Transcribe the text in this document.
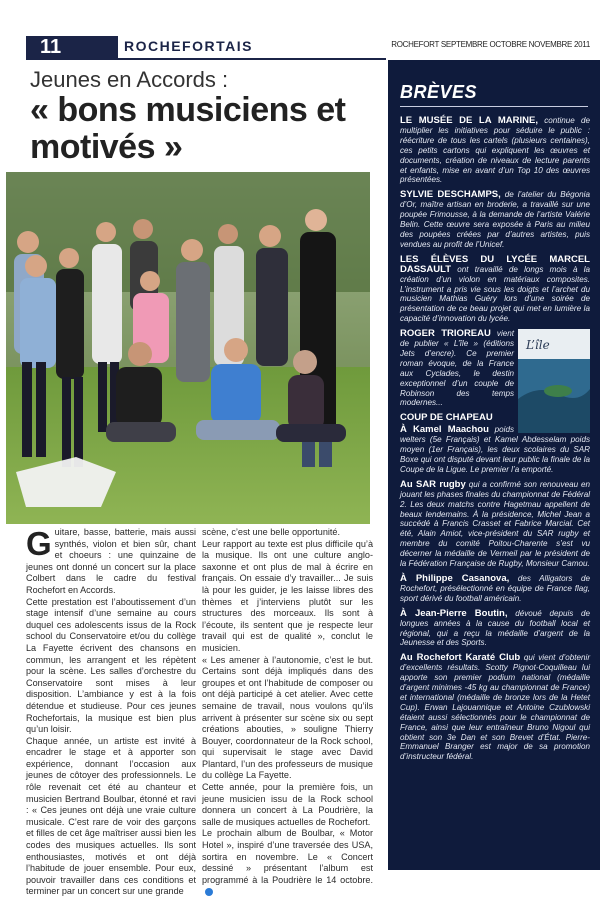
11	ROCHEFORTAIS	ROCHEFORT SEPTEMBRE OCTOBRE NOVEMBRE 2011
Jeunes en Accords :
« bons musiciens et motivés »

Guitare, basse, batterie, mais aussi synthés, violon et bien sûr, chant et choeurs : une quinzaine de jeunes ont donné un concert sur la place Colbert dans le cadre du festival Rochefort en Accords.

Cette prestation est l’aboutissement d’un stage intensif d’une semaine au cours duquel ces adolescents issus de la Rock school du Conservatoire et/ou du collège La Fayette écrivent des chansons en commun, les arrangent et les répètent pour la scène. Les salles d’orchestre du Conservatoire sont mises à leur disposition. L’ambiance y est à la fois détendue et studieuse. Pour ces jeunes Rochefortais, la musique est bien plus qu’un loisir.

Chaque année, un artiste est invité à encadrer le stage et à apporter son expérience, donnant l’occasion aux jeunes de côtoyer des professionnels. Le rôle revenait cet été au chanteur et musicien Bertrand Boulbar, étonné et ravi : « Ces jeunes ont déjà une vraie culture musicale. C’est rare de voir des garçons et filles de cet âge maîtriser aussi bien les codes des musiques actuelles. Ils sont enthousiastes, motivés et ont déjà l’habitude de jouer ensemble. Pour eux, pouvoir travailler dans ces conditions et terminer par un concert sur une grande

scène, c’est une belle opportunité.

Leur rapport au texte est plus difficile qu’à la musique. Ils ont une culture anglo-saxonne et ont plus de mal à écrire en français. On essaie d’y travailler... Je suis là pour les guider, je les laisse libres des thèmes et j’interviens plutôt sur les structures des morceaux. Ils sont à l’écoute, ils sentent que je respecte leur travail qui est de qualité », conclut le musicien.

« Les amener à l’autonomie, c’est le but. Certains sont déjà impliqués dans des groupes et ont l’habitude de composer ou ont déjà participé à cet atelier. Avec cette semaine de travail, nous voulons qu’ils arrivent à présenter sur scène six ou sept créations abouties, » souligne Thierry Bouyer, coordonnateur de la Rock school, qui supervisait le stage avec David Plantard, l’un des professeurs de musique du collège La Fayette.

Cette année, pour la première fois, un jeune musicien issu de la Rock school donnera un concert à La Poudrière, la salle de musiques actuelles de Rochefort.

Le prochain album de Boulbar, « Motor Hotel », inspiré d’une traversée des USA, sortira en novembre. Le « Concert dessiné » présentant l’album est programmé à la Poudrière le 14 octobre.

BRÈVES

LE MUSÉE DE LA MARINE, continue de multiplier les initiatives pour séduire le public : réécriture de tous les cartels (plusieurs centaines), ces petits cartons qui expliquent les œuvres et documents, création de niveaux de lecture parents et enfants, mise en avant d’un Top 10 des œuvres présentées.

SYLVIE DESCHAMPS, de l’atelier du Bégonia d’Or, maître artisan en broderie, a travaillé sur une poupée Frimousse, à la demande de l’artiste Valérie Belin. Cette œuvre sera exposée à Paris au milieu des poupées créées par d’autres artistes, puis vendues au profit de l’Unicef.

LES ÉLÈVES DU LYCÉE MARCEL DASSAULT ont travaillé de longs mois à la création d’un violon en matériaux composites. L’instrument a pris vie sous les doigts et l’archet du musicien Mathias Guéry lors d’une soirée de présentation de ce beau projet qui met en lumière la capacité d’innovation du lycée.

L’île
ROGER TRIOREAU vient de publier « L’île » (éditions Jets d’encre). Ce premier roman évoque, de la France aux Cyclades, le destin exceptionnel d’un couple de Robinson des temps modernes...

COUP DE CHAPEAU

À Kamel Maachou poids welters (5e Français) et Kamel Abdesselam poids moyen (1er Français), les deux scolaires du SAR Boxe qui ont disputé devant leur public la finale de la Coupe de la Ligue. Le premier l’a emporté.

Au SAR rugby qui a confirmé son renouveau en jouant les phases finales du championnat de Fédéral 2. Les deux matchs contre Hagetmau appellent de beaux lendemains. À la présidence, Michel Jean a succédé à Francis Crasset et Fabrice Marcial. Cet été, Alain Amiot, vice-président du SAR rugby et membre du comité Poitou-Charente s’est vu décerner la médaille de Vermeil par le président de la Fédération Française de Rugby, Monsieur Camou.

À Philippe Casanova, des Alligators de Rochefort, présélectionné en équipe de France flag, sport dérivé du football américain.

À Jean-Pierre Boutin, dévoué depuis de longues années à la cause du football local et régional, qui a reçu la médaille d’argent de la Jeunesse et des Sports.

Au Rochefort Karaté Club qui vient d’obtenir d’excellents résultats. Scotty Pignot-Coquilleau lui apporte son premier podium national (médaille d’argent minimes -45 kg au championnat de France) et international (médaille de bronze lors de la Hetet Cup). Erwan Lajouannique et Antoine Czublowski étaient aussi sélectionnés pour le championnat de France, ainsi que leur entraîneur Bruno Nigoul qui obtient son 3e Dan et son Brevet d’État. Pierre-Emmanuel Branger est major de sa promotion d’instructeur fédéral.
